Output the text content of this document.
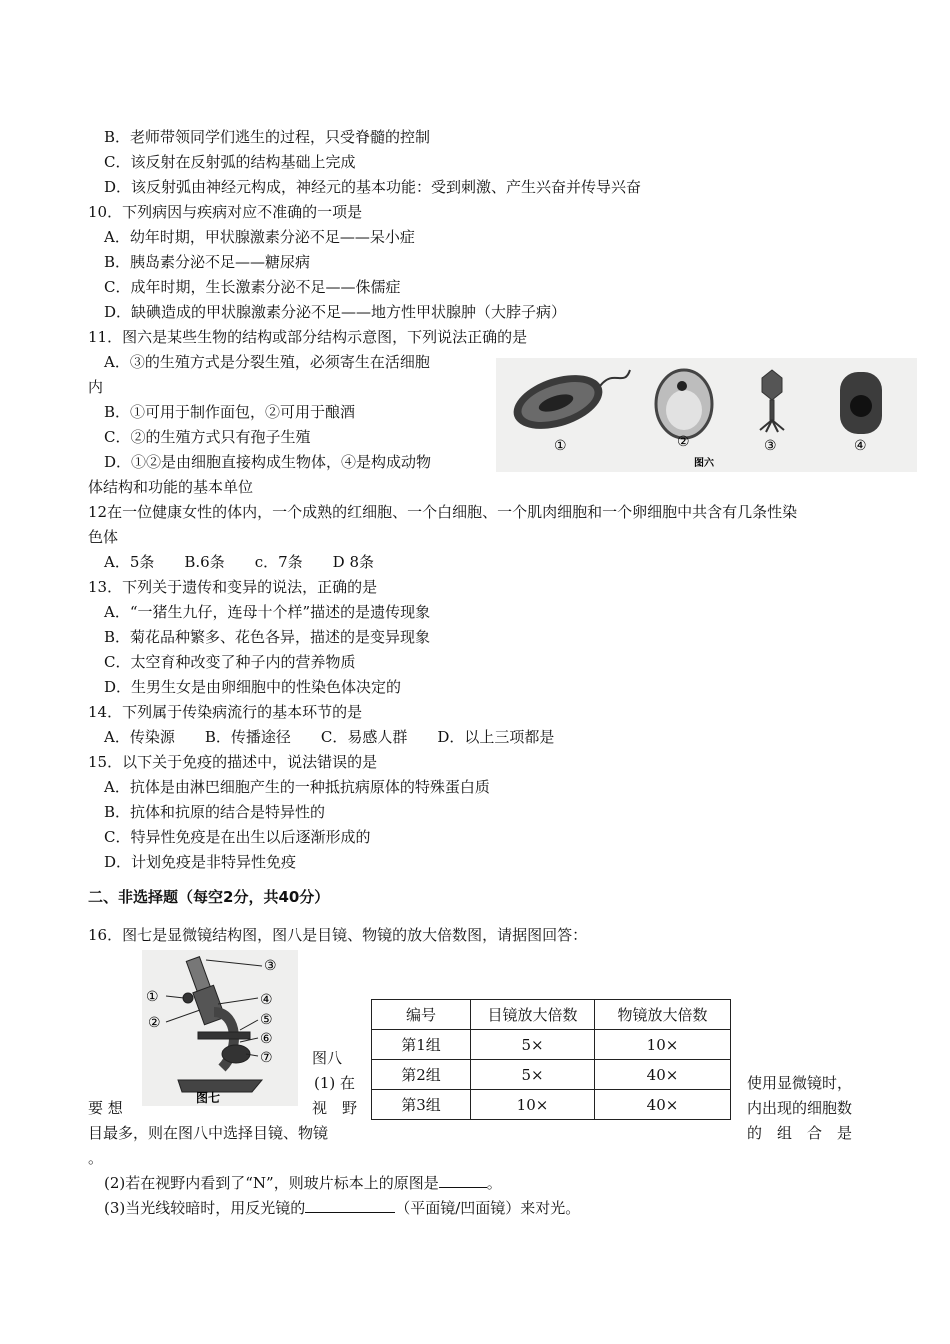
B．老师带领同学们逃生的过程，只受脊髓的控制
C．该反射在反射弧的结构基础上完成
D．该反射弧由神经元构成，神经元的基本功能：受到刺激、产生兴奋并传导兴奋
10．下列病因与疾病对应不准确的一项是
A．幼年时期，甲状腺激素分泌不足——呆小症
B．胰岛素分泌不足——糖尿病
C．成年时期，生长激素分泌不足——侏儒症
D．缺碘造成的甲状腺激素分泌不足——地方性甲状腺肿（大脖子病）
11．图六是某些生物的结构或部分结构示意图，下列说法正确的是
A．③的生殖方式是分裂生殖，必须寄生在活细胞
内
B．①可用于制作面包，②可用于酿酒
C．②的生殖方式只有孢子生殖
D．①②是由细胞直接构成生物体，④是构成动物
体结构和功能的基本单位
①	②	③	④
图六
12在一位健康女性的体内，一个成熟的红细胞、一个白细胞、一个肌肉细胞和一个卵细胞中共含有几条性染
色体
A．5条　　B.6条　　c．7条　　D 8条
13．下列关于遗传和变异的说法，正确的是
A．“一猪生九仔，连母十个样”描述的是遗传现象
B．菊花品种繁多、花色各异，描述的是变异现象
C．太空育种改变了种子内的营养物质
D．生男生女是由卵细胞中的性染色体决定的
14．下列属于传染病流行的基本环节的是
A．传染源　　B．传播途径　　C．易感人群　　D．以上三项都是
15．以下关于免疫的描述中，说法错误的是
A．抗体是由淋巴细胞产生的一种抵抗病原体的特殊蛋白质
B．抗体和抗原的结合是特异性的
C．特异性免疫是在出生以后逐渐形成的
D．计划免疫是非特异性免疫
二、非选择题（每空2分，共40分）
16．图七是显微镜结构图，图八是目镜、物镜的放大倍数图，请据图回答：
③
①
②
④
⑤
⑥
⑦
图七
编号	目镜放大倍数	物镜放大倍数
第1组	5×	10×
第2组	5×	40×
第3组	10×	40×
图八
(1) 在
要 想	视　野
目最多，则在图八中选择目镜、物镜
使用显微镜时，
内出现的细胞数
的　组　合　是
。
(2)若在视野内看到了“N”，则玻片标本上的原图是	。
(3)当光线较暗时，用反光镜的	（平面镜/凹面镜）来对光。
